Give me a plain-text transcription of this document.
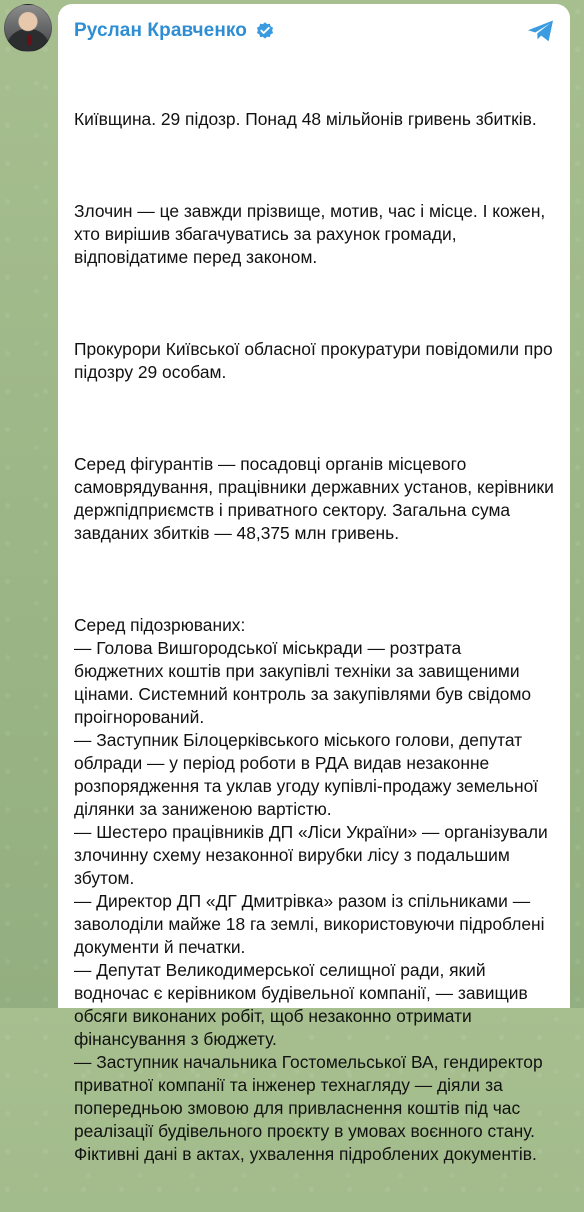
Руслан Кравченко

Київщина. 29 підозр. Понад 48 мільйонів гривень збитків.

Злочин — це завжди прізвище, мотив, час і місце. І кожен, хто вирішив збагачуватись за рахунок громади, відповідатиме перед законом.

Прокурори Київської обласної прокуратури повідомили про підозру 29 особам.

Серед фігурантів — посадовці органів місцевого самоврядування, працівники державних установ, керівники держпідприємств і приватного сектору. Загальна сума завданих збитків — 48,375 млн гривень.

Серед підозрюваних:
— Голова Вишгородської міськради — розтрата бюджетних коштів при закупівлі техніки за завищеними цінами. Системний контроль за закупівлями був свідомо проігнорований.
— Заступник Білоцерківського міського голови, депутат облради — у період роботи в РДА видав незаконне розпорядження та уклав угоду купівлі-продажу земельної ділянки за заниженою вартістю.
— Шестеро працівників ДП «Ліси України» — організували злочинну схему незаконної вирубки лісу з подальшим збутом.
— Директор ДП «ДГ Дмитрівка» разом із спільниками — заволоділи майже 18 га землі, використовуючи підроблені документи й печатки.
— Депутат Великодимерської селищної ради, який водночас є керівником будівельної компанії, — завищив обсяги виконаних робіт, щоб незаконно отримати фінансування з бюджету.
— Заступник начальника Гостомельської ВА, гендиректор приватної компанії та інженер технагляду — діяли за попередньою змовою для привласнення коштів під час реалізації будівельного проєкту в умовах воєнного стану. Фіктивні дані в актах, ухвалення підроблених документів.
